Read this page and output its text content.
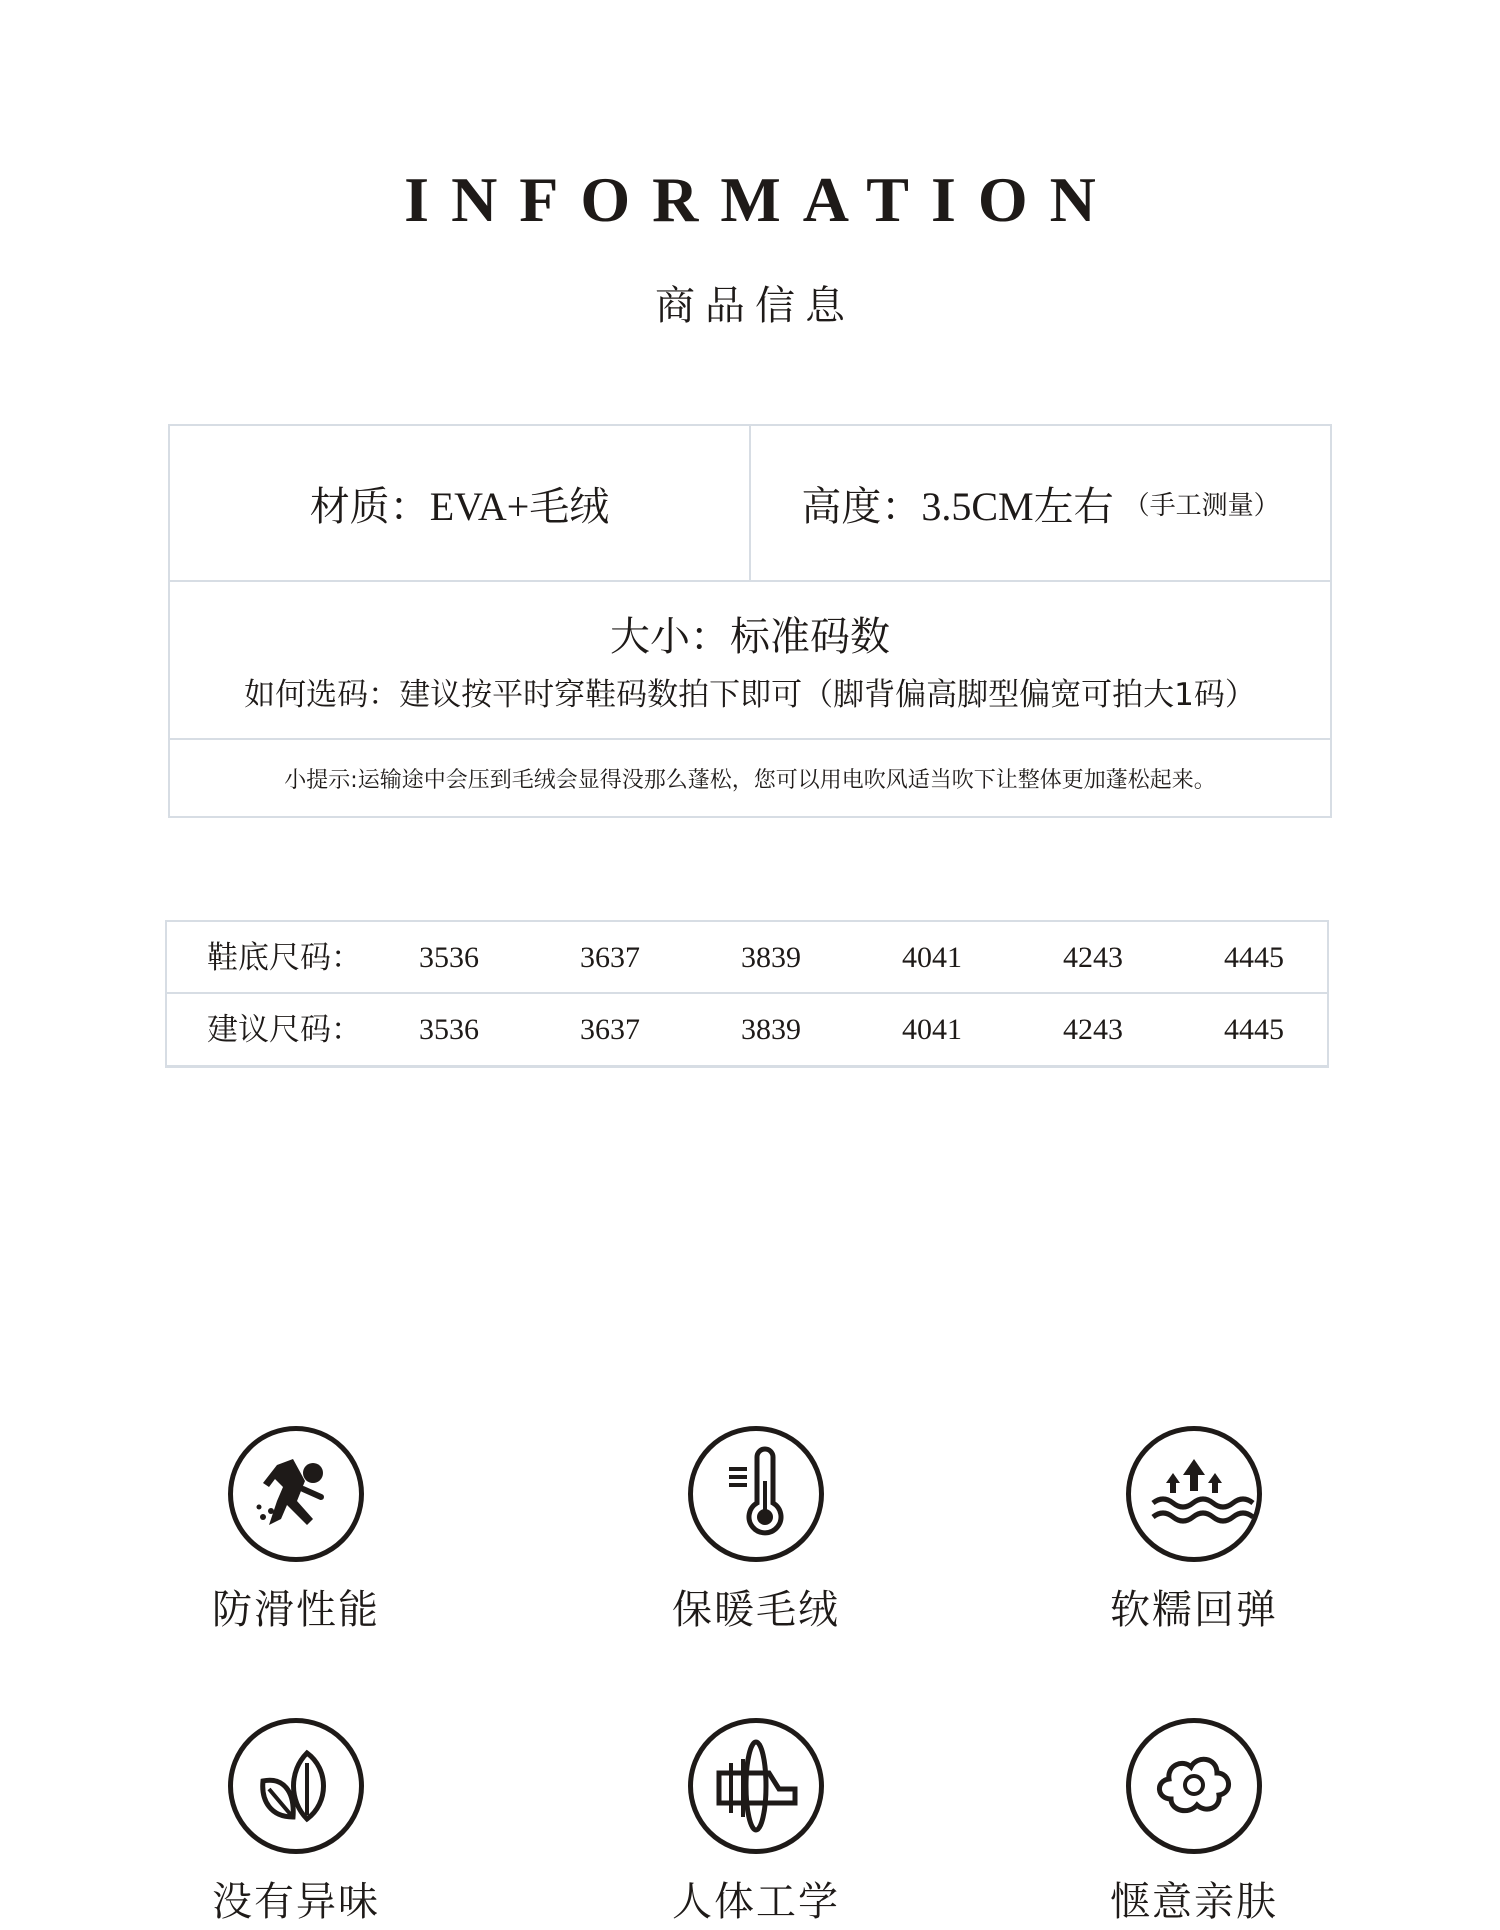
INFORMATION
商品信息
材质： EVA+毛绒	高度： 3.5CM左右 （手工测量）
大小：标准码数
如何选码：建议按平时穿鞋码数拍下即可（脚背偏高脚型偏宽可拍大1码）
小提示:运输途中会压到毛绒会显得没那么蓬松，您可以用电吹风适当吹下让整体更加蓬松起来。
鞋底尺码：	3536	3637	3839	4041	4243	4445
建议尺码：	3536	3637	3839	4041	4243	4445
防滑性能	保暖毛绒	软糯回弹
没有异味	人体工学	惬意亲肤
